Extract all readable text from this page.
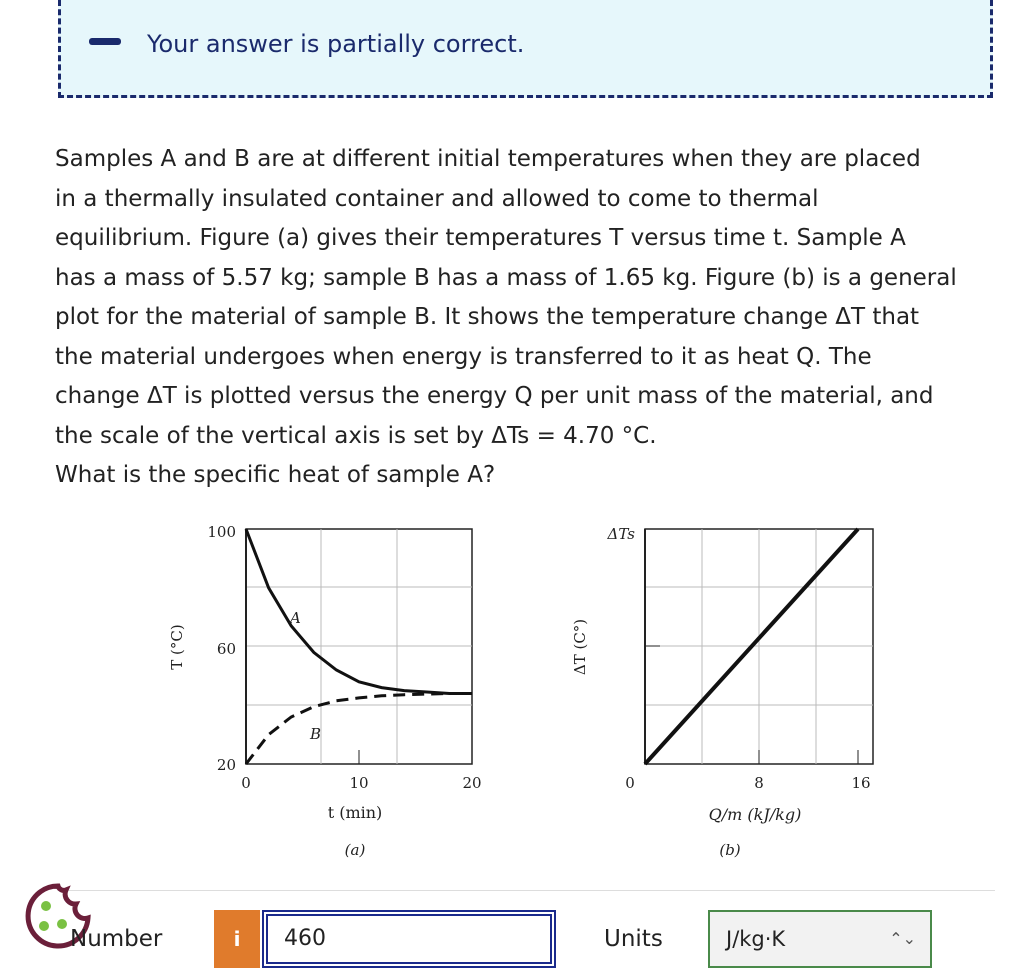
Your answer is partially correct.

Samples A and B are at different initial temperatures when they are placed

in a thermally insulated container and allowed to come to thermal

equilibrium. Figure (a) gives their temperatures T versus time t. Sample A

has a mass of 5.57 kg; sample B has a mass of 1.65 kg. Figure (b) is a general

plot for the material of sample B. It shows the temperature change ΔT that

the material undergoes when energy is transferred to it as heat Q. The

change ΔT is plotted versus the energy Q per unit mass of the material, and

the scale of the vertical axis is set by ΔTs = 4.70 °C.

What is the specific heat of sample A?

A
B
100
60
20
0	10	20
t (min)
(a)
T (°C)
ΔTs
0	8	16
Q/m (kJ/kg)
(b)
ΔT (C°)
Number	i	460	Units	J/kg·K	⌃⌄
